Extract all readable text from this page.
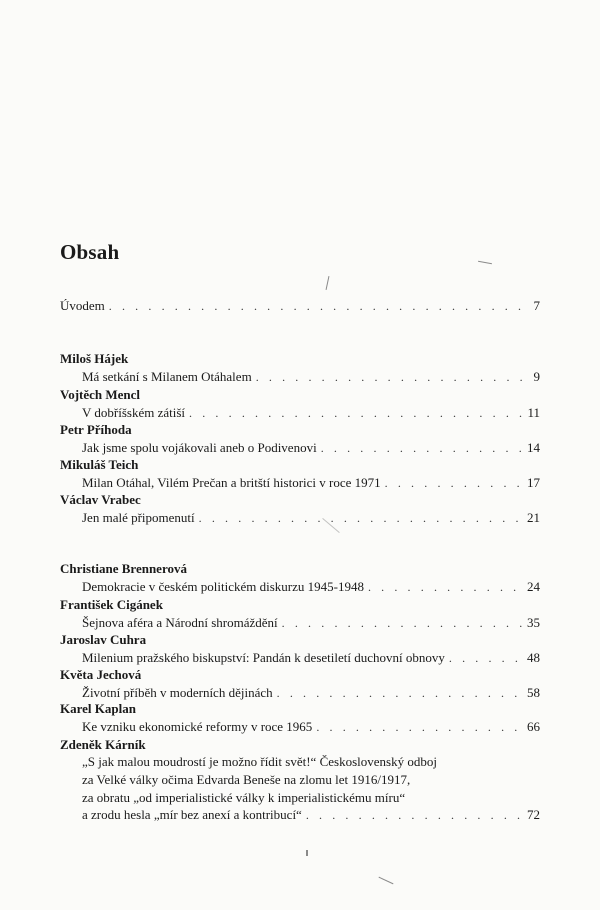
Obsah
Úvodem . . .	7
Miloš Hájek
Má setkání s Milanem Otáhalem . . .	9
Vojtěch Mencl
V dobříšském zátiší . . .	11
Petr Příhoda
Jak jsme spolu vojákovali aneb o Podivenovi . . .	14
Mikuláš Teich
Milan Otáhal, Vilém Prečan a britští historici v roce 1971 . . .	17
Václav Vrabec
Jen malé připomenutí . . .	21
Christiane Brennerová
Demokracie v českém politickém diskurzu 1945-1948 . . .	24
František Cigánek
Šejnova aféra a Národní shromáždění . . .	35
Jaroslav Cuhra
Milenium pražského biskupství: Pandán k desetiletí duchovní obnovy . . .	48
Květa Jechová
Životní příběh v moderních dějinách . . .	58
Karel Kaplan
Ke vzniku ekonomické reformy v roce 1965 . . .	66
Zdeněk Kárník
„S jak malou moudrostí je možno řídit svět!“ Československý odboj
za Velké války očima Edvarda Beneše na zlomu let 1916/1917,
za obratu „od imperialistické války k imperialistickému míru“
a zrodu hesla „mír bez anexí a kontribucí“ . . .	72
